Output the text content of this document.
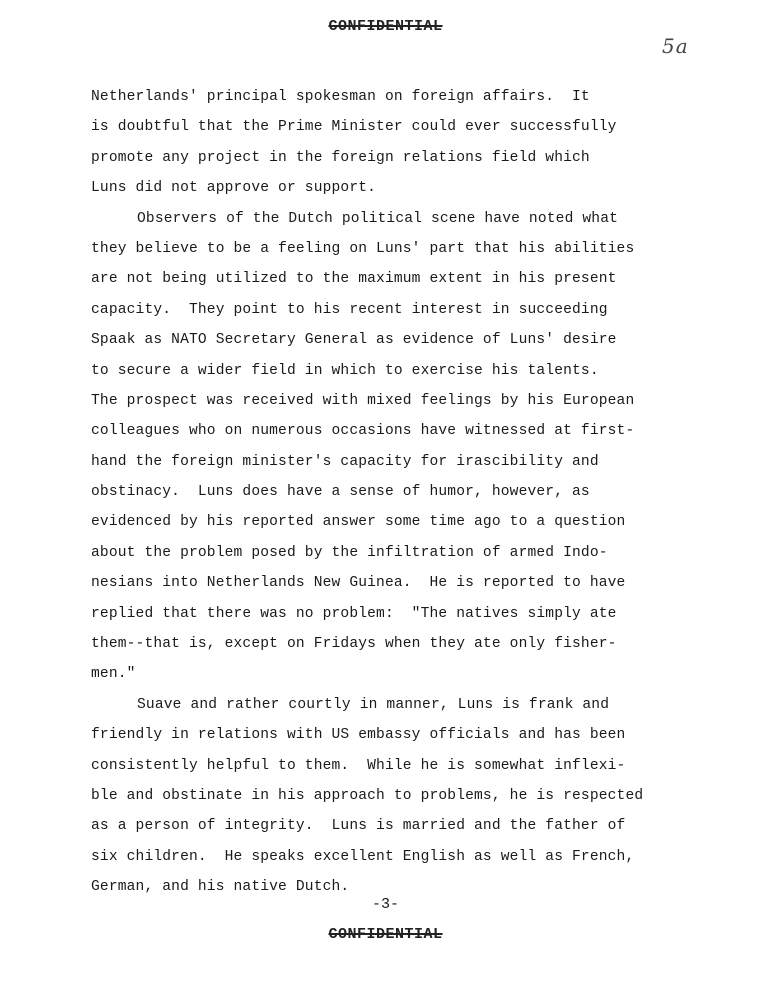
CONFIDENTIAL
5a
Netherlands' principal spokesman on foreign affairs.  It
is doubtful that the Prime Minister could ever successfully
promote any project in the foreign relations field which
Luns did not approve or support.
Observers of the Dutch political scene have noted what
they believe to be a feeling on Luns' part that his abilities
are not being utilized to the maximum extent in his present
capacity.  They point to his recent interest in succeeding
Spaak as NATO Secretary General as evidence of Luns' desire
to secure a wider field in which to exercise his talents.
The prospect was received with mixed feelings by his European
colleagues who on numerous occasions have witnessed at first-
hand the foreign minister's capacity for irascibility and
obstinacy.  Luns does have a sense of humor, however, as
evidenced by his reported answer some time ago to a question
about the problem posed by the infiltration of armed Indo-
nesians into Netherlands New Guinea.  He is reported to have
replied that there was no problem:  "The natives simply ate
them--that is, except on Fridays when they ate only fisher-
men."
Suave and rather courtly in manner, Luns is frank and
friendly in relations with US embassy officials and has been
consistently helpful to them.  While he is somewhat inflexi-
ble and obstinate in his approach to problems, he is respected
as a person of integrity.  Luns is married and the father of
six children.  He speaks excellent English as well as French,
German, and his native Dutch.
-3-
CONFIDENTIAL
